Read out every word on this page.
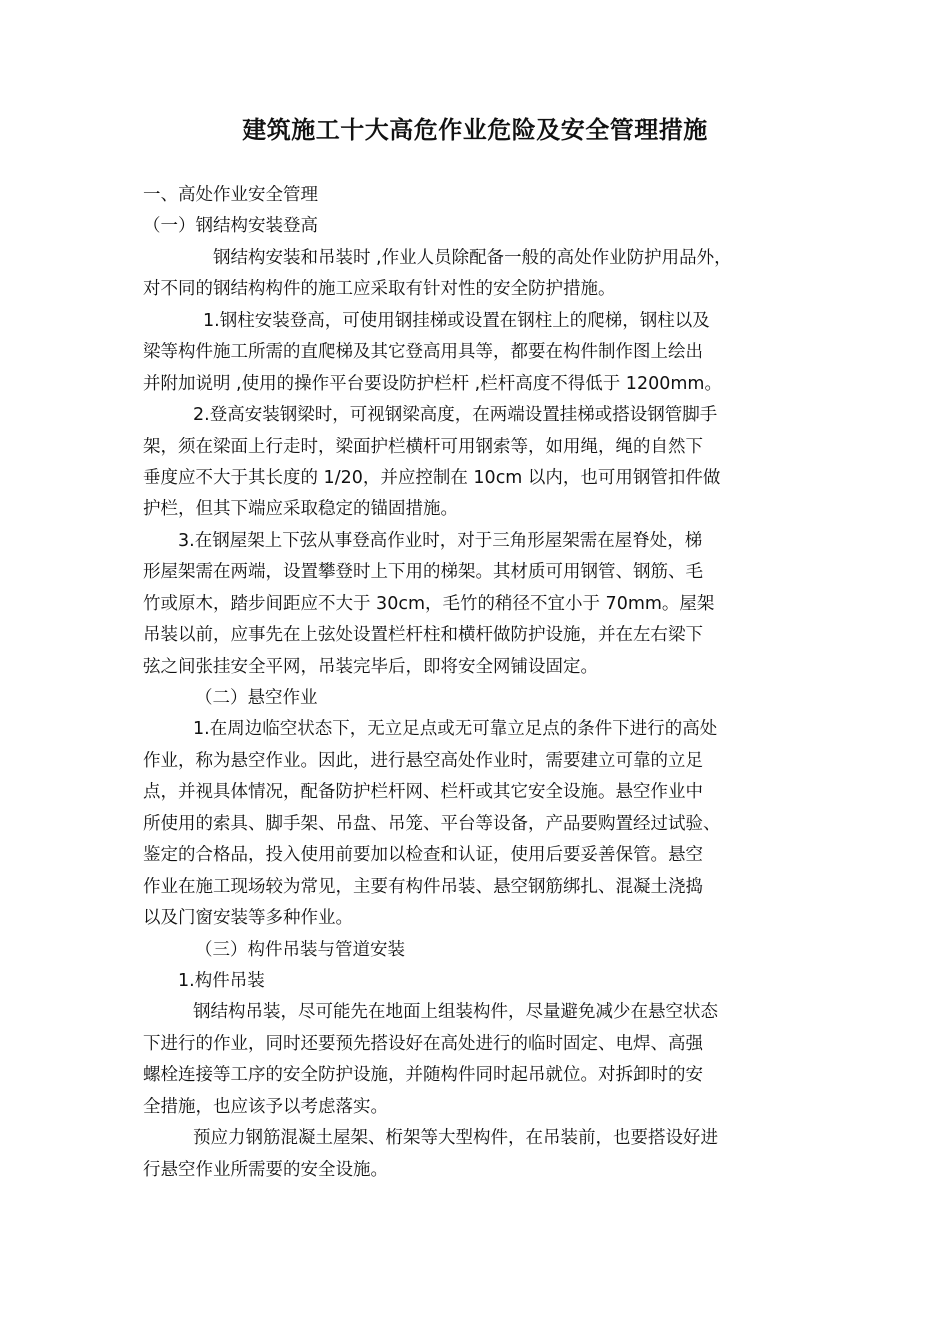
建筑施工十大高危作业危险及安全管理措施
一、高处作业安全管理
（一）钢结构安装登高
钢结构安装和吊装时 ,作业人员除配备一般的高处作业防护用品外，
对不同的钢结构构件的施工应采取有针对性的安全防护措施。
1.钢柱安装登高，可使用钢挂梯或设置在钢柱上的爬梯，钢柱以及
梁等构件施工所需的直爬梯及其它登高用具等，都要在构件制作图上绘出
并附加说明 ,使用的操作平台要设防护栏杆 ,栏杆高度不得低于 1200mm。
2.登高安装钢梁时，可视钢梁高度，在两端设置挂梯或搭设钢管脚手
架，须在梁面上行走时，梁面护栏横杆可用钢索等，如用绳，绳的自然下
垂度应不大于其长度的 1/20，并应控制在 10cm 以内，也可用钢管扣件做
护栏，但其下端应采取稳定的锚固措施。
3.在钢屋架上下弦从事登高作业时，对于三角形屋架需在屋脊处，梯
形屋架需在两端，设置攀登时上下用的梯架。其材质可用钢管、钢筋、毛
竹或原木，踏步间距应不大于 30cm，毛竹的稍径不宜小于 70mm。屋架
吊装以前，应事先在上弦处设置栏杆柱和横杆做防护设施，并在左右梁下
弦之间张挂安全平网，吊装完毕后，即将安全网铺设固定。
（二）悬空作业
1.在周边临空状态下，无立足点或无可靠立足点的条件下进行的高处
作业，称为悬空作业。因此，进行悬空高处作业时，需要建立可靠的立足
点，并视具体情况，配备防护栏杆网、栏杆或其它安全设施。悬空作业中
所使用的索具、脚手架、吊盘、吊笼、平台等设备，产品要购置经过试验、
鉴定的合格品，投入使用前要加以检查和认证，使用后要妥善保管。悬空
作业在施工现场较为常见，主要有构件吊装、悬空钢筋绑扎、混凝土浇捣
以及门窗安装等多种作业。
（三）构件吊装与管道安装
1.构件吊装
钢结构吊装，尽可能先在地面上组装构件，尽量避免减少在悬空状态
下进行的作业，同时还要预先搭设好在高处进行的临时固定、电焊、高强
螺栓连接等工序的安全防护设施，并随构件同时起吊就位。对拆卸时的安
全措施，也应该予以考虑落实。
预应力钢筋混凝土屋架、桁架等大型构件，在吊装前，也要搭设好进
行悬空作业所需要的安全设施。
